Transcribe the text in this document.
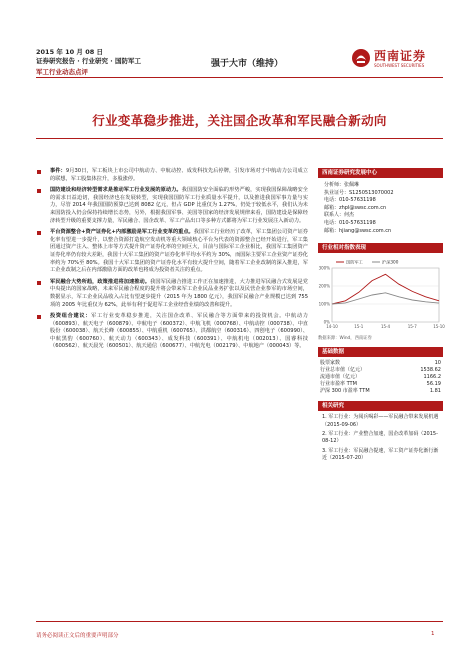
2015 年 10 月 08 日
证券研究报告 · 行业研究 · 国防军工
军工行业动态点评
强于大市（维持）
西南证券
SOUTHWEST SECURITIES
行业变革稳步推进，关注国企改革和军民融合新动向
事件：9月30日，军工板块上市公司中航动力、中航动控、成发科技先后停牌，引发市场对于中航动力公司成立的联想，军工股集体拉升，多股涨停。
国防建设和经济转型需求是推动军工行业发展的原动力。我国国防安全面临的形势严峻，实现我国保障战略安全的需求日益迫切，我国经济也在发展转型，实现我国国防军工行业质量水平提升，以及推进我国军事力量与实力，尽管 2014 年我国国防预算已达到 8082 亿元，但占 GDP 比重仅为 1.27%，仍处于较低水平，我们认为未来国防投入仍会保持持续增长态势，另外，根据我国军事、美国等国家的经济发展规律来看，国防建设是保障经济转型升级的重要支撑力量，军民融合、国企改革、军工产品出口等多种方式都将为军工行业发展注入新动力。
平台资源整合+资产证券化+内部激励是军工行业变革的重点。我国军工行业经历了改革，军工集团公司资产证券化率有望进一步提升，以整合资源打造航空发动机等重大领域核心平台为代表的资源整合已经开始进行，军工集团通过资产注入、整体上市等方式提升资产证券化率的空间巨大，目前与国际军工企业相比，我国军工集团资产证券化率仍有较大差距，我国十大军工集团的资产证券化率平均水平约为 30%，而国际主要军工企业资产证券化率约为 70%至 80%。我国十大军工集团的资产证券化水平有较大提升空间，随着军工企业改制的深入推进，军工企业改制之后在内部激励方面的改革也将成为投资者关注的重点。
军民融合大势所趋，政策推进将加速推动。我国军民融合推进工作正在加速推进，大力推进军民融合式发展是党中央提出的国家战略，未来军民融合程度的提升将会带来军工企业民品业务扩张以及民营企业参军的市场空间，数据显示，军工企业民品收入占比有望逐步提升（2015 年为 1800 亿元），我国军民融合产业规模已达到 755 项的 2005 年比重仅为 62%，此举有利于促进军工企业经营业绩的改善和提升。
投资组合建议：军工行业变革稳步推进，关注国企改革、军民融合等方面带来的投资机会。中航动力（600893）、航天电子（600879）、中航电子（600372）、中航飞机（000768）、中航动控（000738）、中直股份（600038）、航天长峰（600855）、中航重机（600765）、洪都航空（600316）、四创电子（600990）、中航黑豹（600760）、航天动力（600343）、成发科技（600391）、中航机电（002013）、国睿科技（600562）、航天晨光（600501）、航天通信（600677）、中航光电（002179）、中航地产（000043）等。
西南证券研究发展中心
分析师：张佩琳
执业证号：S1250513070002
电话：010-57631198
邮箱：zhpl@swsc.com.cn
联系人：何杰
电话：010-57631198
邮箱：hjiang@swsc.com.cn
行业相对指数表现
0%
100%
200%
300%
14-10	15-1	15-4	15-7	15-10
国防军工	沪深300
数据来源：Wind，西南证券
基础数据
股票家数	10
行业总市值（亿元）	1538.62
流通市值（亿元）	1166.2
行业市盈率 TTM	56.19
沪深 300 市盈率 TTM	1.81
相关研究
1. 军工行业：为阅兵喝彩——军民融合带来发展机遇（2015-09-06）
2. 军工行业：产业整合加速，国企改革加码（2015-08-12）
3. 军工行业：军民融合提速，军工资产证券化渐行渐近（2015-07-20）
请务必阅读正文后的重要声明部分	1
